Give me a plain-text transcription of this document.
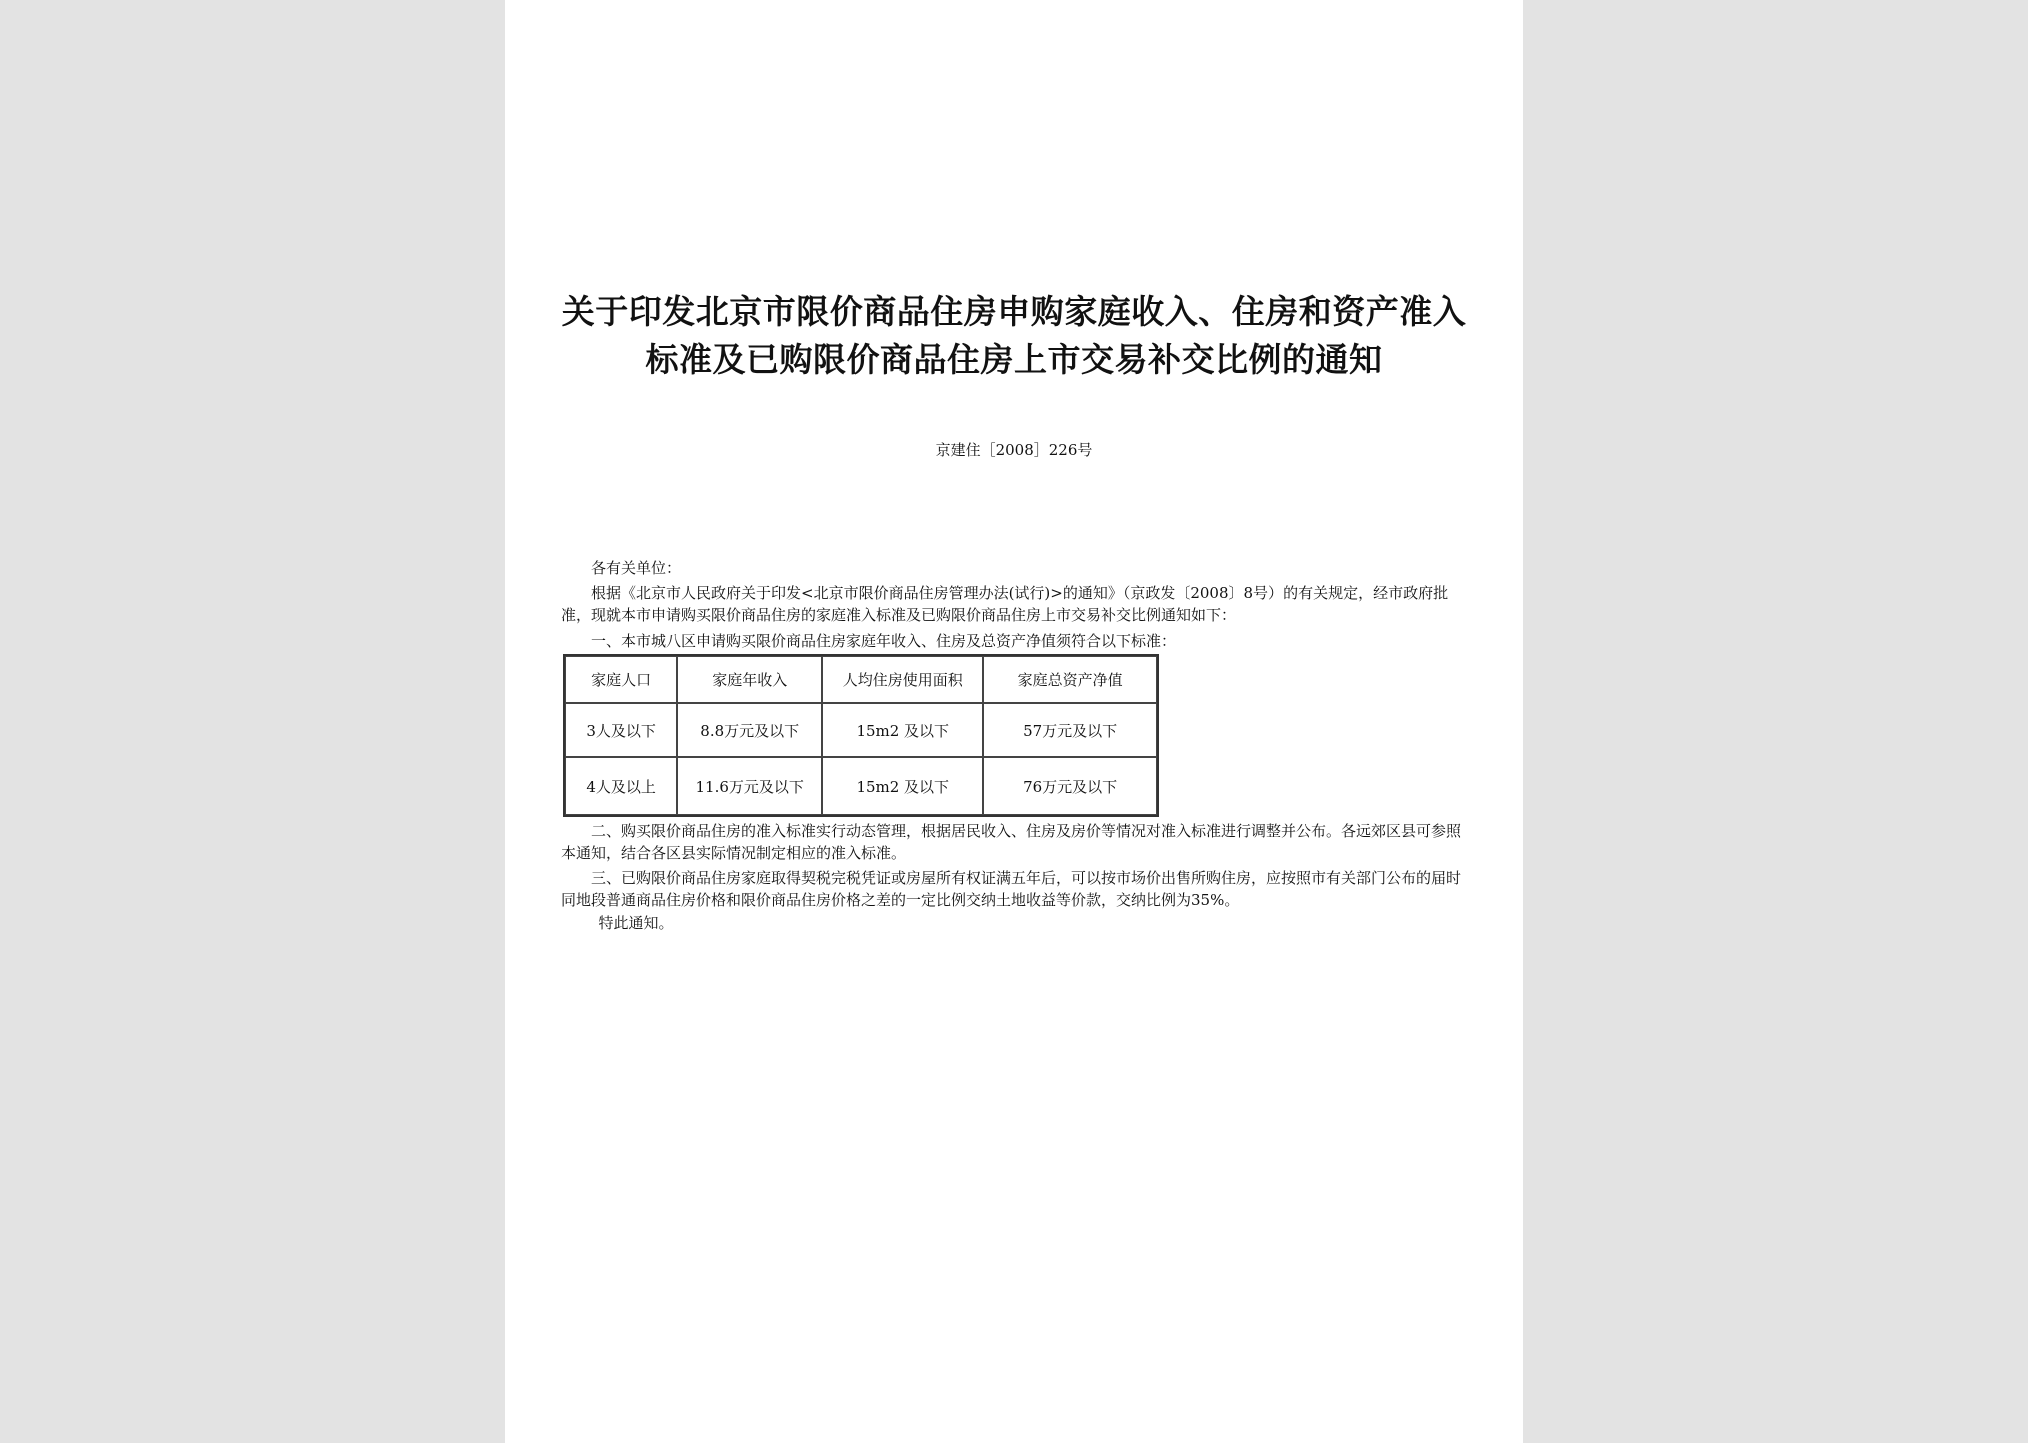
关于印发北京市限价商品住房申购家庭收入、住房和资产准入标准及已购限价商品住房上市交易补交比例的通知
京建住［2008］226号

各有关单位：

根据《北京市人民政府关于印发<北京市限价商品住房管理办法(试行)>的通知》（京政发〔2008〕8号）的有关规定，经市政府批准，现就本市申请购买限价商品住房的家庭准入标准及已购限价商品住房上市交易补交比例通知如下：

一、本市城八区申请购买限价商品住房家庭年收入、住房及总资产净值须符合以下标准：

家庭人口	家庭年收入	人均住房使用面积	家庭总资产净值
3人及以下	8.8万元及以下	15m2 及以下	57万元及以下
4人及以上	11.6万元及以下	15m2 及以下	76万元及以下

二、购买限价商品住房的准入标准实行动态管理，根据居民收入、住房及房价等情况对准入标准进行调整并公布。各远郊区县可参照本通知，结合各区县实际情况制定相应的准入标准。

三、已购限价商品住房家庭取得契税完税凭证或房屋所有权证满五年后，可以按市场价出售所购住房，应按照市有关部门公布的届时同地段普通商品住房价格和限价商品住房价格之差的一定比例交纳土地收益等价款，交纳比例为35%。

特此通知。
